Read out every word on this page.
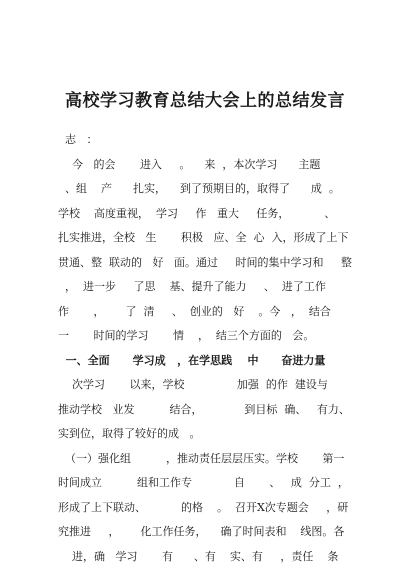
高校学习教育总结大会上的总结发言
志   ：
今   的会       进入     。    来  ，本次学习      主题
、组    产      扎实，    到了预期目的，取得了      成  。
学校    高度重视，  学习     作   重大     任务，          、
扎实推进，全校   生       积极   应、全  心  入，形成了上下
贯通、整  联动的   好   面。通过     时间的集中学习和     整
，  进一步     了思    基、提升了能力     、  进了工作
作       ，      了  清     、  创业的   好    。今   ，  结合
一       时间的学习       情    ，  结三个方面的   会。
一、全面      学习成   ，在学思践    中      奋进力量
次学习       以来，学校               加强  的作  建设与
推动学校   业发          结合，            到目标  确、   有力、
实到位，取得了较好的成   。
（一）强化组          ，推动责任层层压实。学校       第一
时间成立          组和工作专            自       、   成  分工  ，
形成了上下联动、          的格    。  召开X次专题会     ，研
究推进     ，      化工作任务，    确了时间表和    线图。各
进，确   学习       有      、有    实、有     ，责任    条
